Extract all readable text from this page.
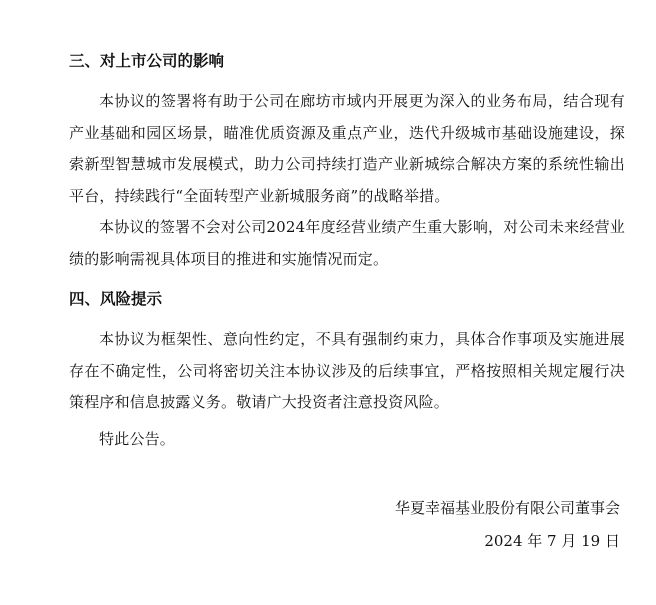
三、对上市公司的影响

本协议的签署将有助于公司在廊坊市域内开展更为深入的业务布局，结合现有产业基础和园区场景，瞄准优质资源及重点产业，迭代升级城市基础设施建设，探索新型智慧城市发展模式，助力公司持续打造产业新城综合解决方案的系统性输出平台，持续践行“全面转型产业新城服务商”的战略举措。

本协议的签署不会对公司2024年度经营业绩产生重大影响，对公司未来经营业绩的影响需视具体项目的推进和实施情况而定。

四、风险提示

本协议为框架性、意向性约定，不具有强制约束力，具体合作事项及实施进展存在不确定性，公司将密切关注本协议涉及的后续事宜，严格按照相关规定履行决策程序和信息披露义务。敬请广大投资者注意投资风险。

特此公告。

华夏幸福基业股份有限公司董事会

2024 年 7 月 19 日
